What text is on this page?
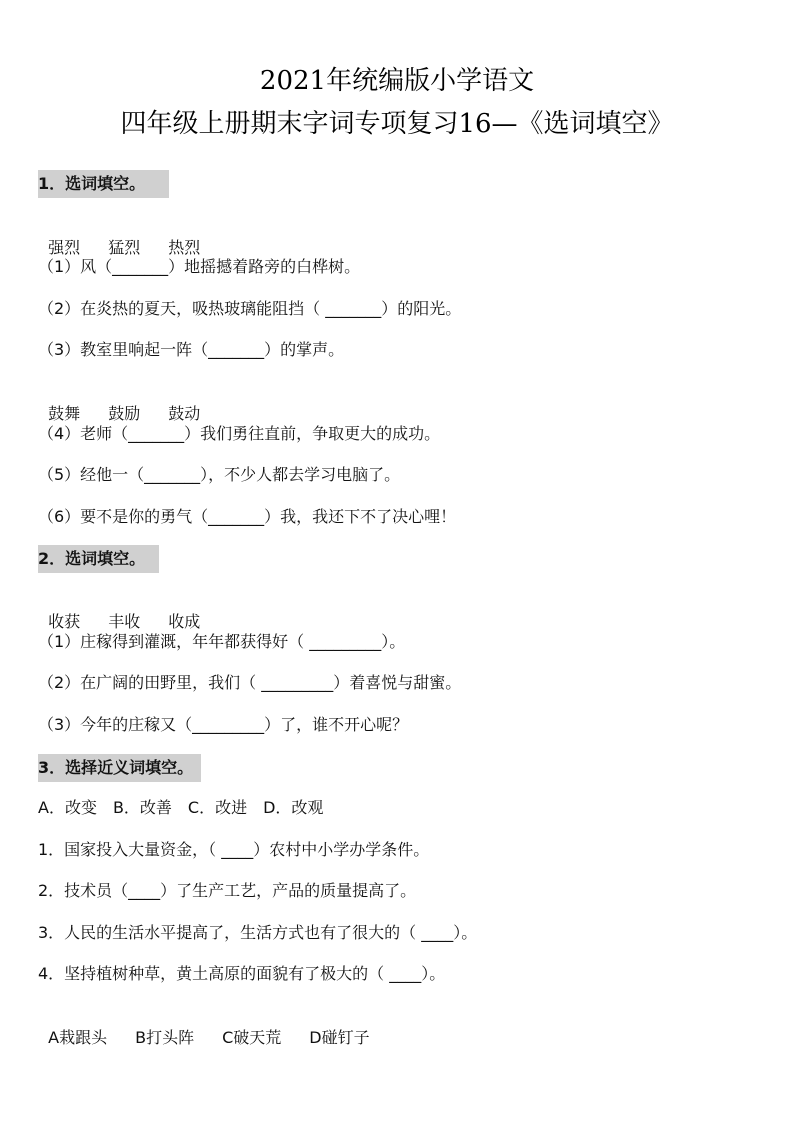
2021年统编版小学语文
四年级上册期末字词专项复习16—《选词填空》
1．选词填空。

强烈 猛烈 热烈

（1）风（_______）地摇撼着路旁的白桦树。
（2）在炎热的夏天，吸热玻璃能阻挡（ _______）的阳光。
（3）教室里响起一阵（_______）的掌声。

鼓舞 鼓励 鼓动

（4）老师（_______）我们勇往直前，争取更大的成功。
（5）经他一（_______），不少人都去学习电脑了。
（6）要不是你的勇气（_______）我，我还下不了决心哩！
2．选词填空。

收获 丰收 收成

（1）庄稼得到灌溉，年年都获得好（ _________）。
（2）在广阔的田野里，我们（ _________）着喜悦与甜蜜。
（3）今年的庄稼又（_________）了，谁不开心呢？
3．选择近义词填空。
A．改变　B．改善　C．改进　D．改观
1．国家投入大量资金，（ ____）农村中小学办学条件。
2．技术员（____）了生产工艺，产品的质量提高了。
3．人民的生活水平提高了，生活方式也有了很大的（ ____）。
4．坚持植树种草，黄土高原的面貌有了极大的（ ____）。

A栽跟头 B打头阵 C破天荒 D碰钉子
